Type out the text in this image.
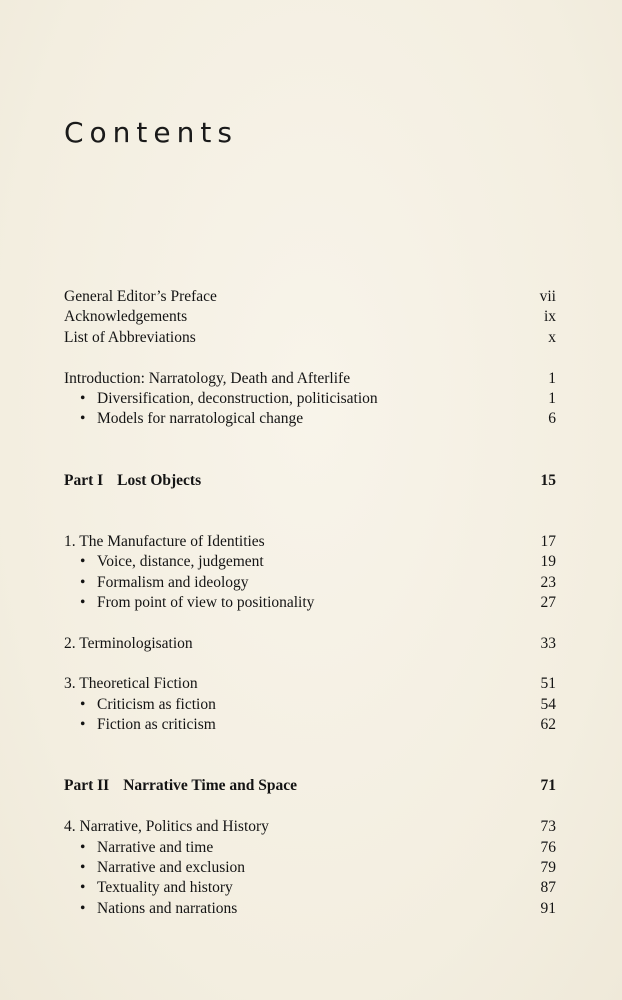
Contents
General Editor’s Preface	vii
Acknowledgements	ix
List of Abbreviations	x
Introduction: Narratology, Death and Afterlife	1
• Diversification, deconstruction, politicisation	1
• Models for narratological change	6
Part I Lost Objects	15
1. The Manufacture of Identities	17
• Voice, distance, judgement	19
• Formalism and ideology	23
• From point of view to positionality	27
2. Terminologisation	33
3. Theoretical Fiction	51
• Criticism as fiction	54
• Fiction as criticism	62
Part II Narrative Time and Space	71
4. Narrative, Politics and History	73
• Narrative and time	76
• Narrative and exclusion	79
• Textuality and history	87
• Nations and narrations	91
